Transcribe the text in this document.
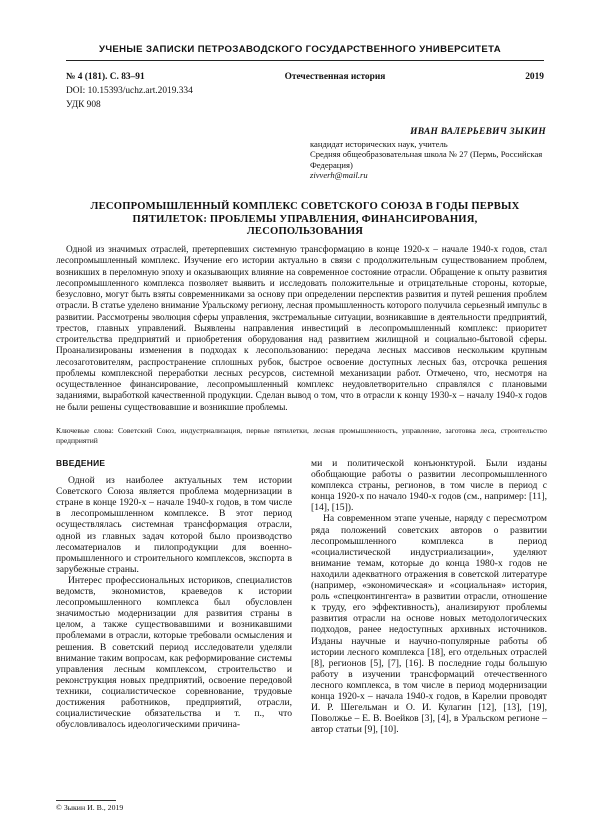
УЧЕНЫЕ ЗАПИСКИ ПЕТРОЗАВОДСКОГО ГОСУДАРСТВЕННОГО УНИВЕРСИТЕТА
№ 4 (181). С. 83–91	Отечественная история	2019
DOI: 10.15393/uchz.art.2019.334
УДК 908
ИВАН ВАЛЕРЬЕВИЧ ЗЫКИН
кандидат исторических наук, учитель
Средняя общеобразовательная школа № 27 (Пермь, Российская Федерация)
zivverh@mail.ru
ЛЕСОПРОМЫШЛЕННЫЙ КОМПЛЕКС СОВЕТСКОГО СОЮЗА В ГОДЫ ПЕРВЫХ ПЯТИЛЕТОК: ПРОБЛЕМЫ УПРАВЛЕНИЯ, ФИНАНСИРОВАНИЯ, ЛЕСОПОЛЬЗОВАНИЯ

Одной из значимых отраслей, претерпевших системную трансформацию в конце 1920-х – начале 1940-х годов, стал лесопромышленный комплекс. Изучение его истории актуально в связи с продолжительным существованием проблем, возникших в переломную эпоху и оказывающих влияние на современное состояние отрасли. Обращение к опыту развития лесопромышленного комплекса позволяет выявить и исследовать положительные и отрицательные стороны, которые, безусловно, могут быть взяты современниками за основу при определении перспектив развития и путей решения проблем отрасли. В статье уделено внимание Уральскому региону, лесная промышленность которого получила серьезный импульс в развитии. Рассмотрены эволюция сферы управления, экстремальные ситуации, возникавшие в деятельности предприятий, трестов, главных управлений. Выявлены направления инвестиций в лесопромышленный комплекс: приоритет строительства предприятий и приобретения оборудования над развитием жилищной и социально-бытовой сферы. Проанализированы изменения в подходах к лесопользованию: передача лесных массивов нескольким крупным лесозаготовителям, распространение сплошных рубок, быстрое освоение доступных лесных баз, отсрочка решения проблемы комплексной переработки лесных ресурсов, системной механизации работ. Отмечено, что, несмотря на осуществленное финансирование, лесопромышленный комплекс неудовлетворительно справлялся с плановыми заданиями, выработкой качественной продукции. Сделан вывод о том, что в отрасли к концу 1930-х – началу 1940-х годов не были решены существовавшие и возникшие проблемы.

Ключевые слова: Советский Союз, индустриализация, первые пятилетки, лесная промышленность, управление, заготовка леса, строительство предприятий
ВВЕДЕНИЕ

Одной из наиболее актуальных тем истории Советского Союза является проблема модернизации в стране в конце 1920-х – начале 1940-х годов, в том числе в лесопромышленном комплексе. В этот период осуществлялась системная трансформация отрасли, одной из главных задач которой было производство лесоматериалов и пилопродукции для военно-промышленного и строительного комплексов, экспорта в зарубежные страны.

Интерес профессиональных историков, специалистов ведомств, экономистов, краеведов к истории лесопромышленного комплекса был обусловлен значимостью модернизации для развития страны в целом, а также существовавшими и возникавшими проблемами в отрасли, которые требовали осмысления и решения. В советский период исследователи уделяли внимание таким вопросам, как реформирование системы управления лесным комплексом, строительство и реконструкция новых предприятий, освоение передовой техники, социалистическое соревнование, трудовые достижения работников, предприятий, отрасли, социалистические обязательства и т. п., что обусловливалось идеологическими причина-

ми и политической конъюнктурой. Были изданы обобщающие работы о развитии лесопромышленного комплекса страны, регионов, в том числе в период с конца 1920-х по начало 1940-х годов (см., например: [11], [14], [15]).

На современном этапе ученые, наряду с пересмотром ряда положений советских авторов о развитии лесопромышленного комплекса в период «социалистической индустриализации», уделяют внимание темам, которые до конца 1980-х годов не находили адекватного отражения в советской литературе (например, «экономическая» и «социальная» история, роль «спецконтингента» в развитии отрасли, отношение к труду, его эффективность), анализируют проблемы развития отрасли на основе новых методологических подходов, ранее недоступных архивных источников. Изданы научные и научно-популярные работы об истории лесного комплекса [18], его отдельных отраслей [8], регионов [5], [7], [16]. В последние годы большую работу в изучении трансформаций отечественного лесного комплекса, в том числе в период модернизации конца 1920-х – начала 1940-х годов, в Карелии проводят И. Р. Шегельман и О. И. Кулагин [12], [13], [19], Поволжье – Е. В. Воейков [3], [4], в Уральском регионе – автор статьи [9], [10].

© Зыкин И. В., 2019
